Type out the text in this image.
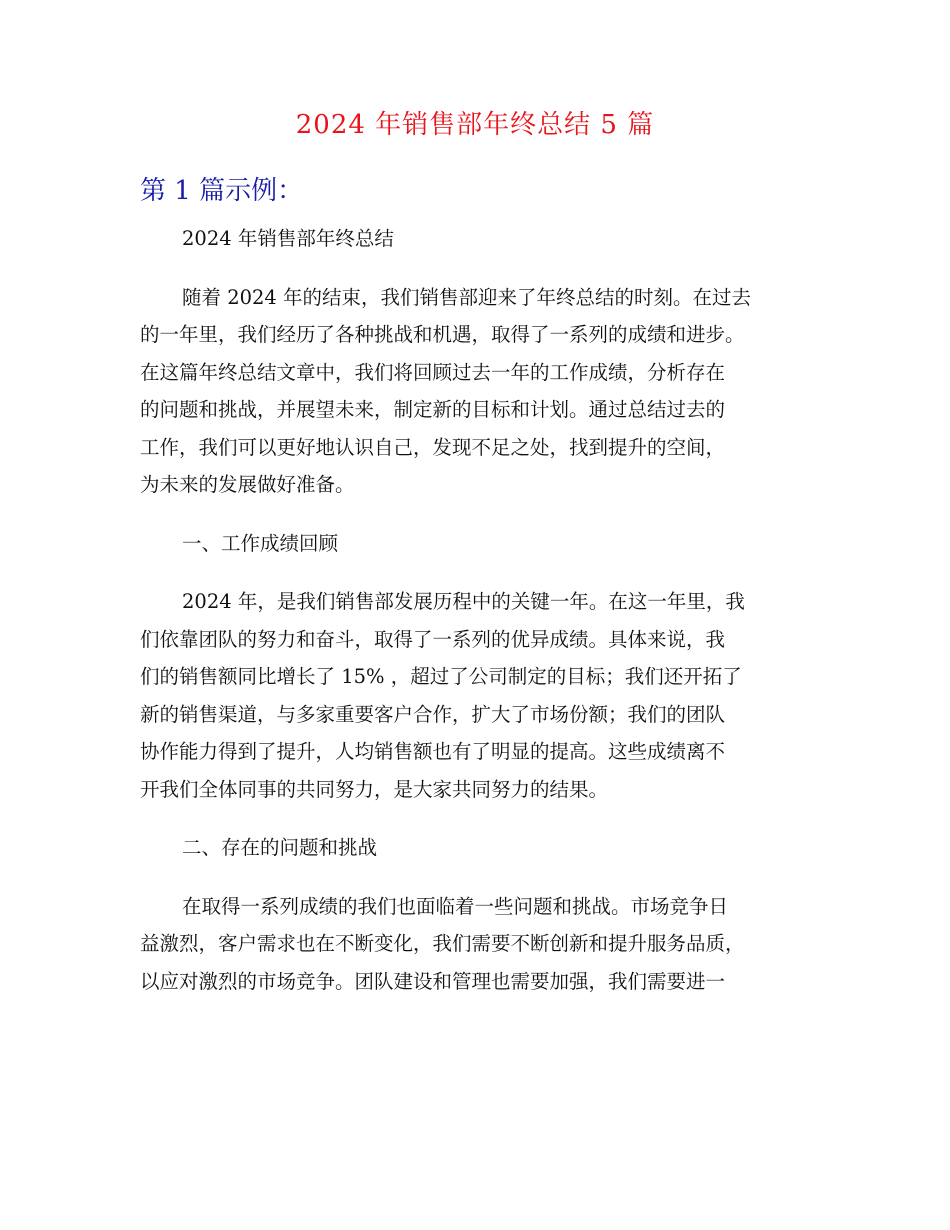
2024 年销售部年终总结 5 篇
第 1 篇示例：
2024 年销售部年终总结
随着 2024 年的结束，我们销售部迎来了年终总结的时刻。在过去
的一年里，我们经历了各种挑战和机遇，取得了一系列的成绩和进步。
在这篇年终总结文章中，我们将回顾过去一年的工作成绩，分析存在
的问题和挑战，并展望未来，制定新的目标和计划。通过总结过去的
工作，我们可以更好地认识自己，发现不足之处，找到提升的空间，
为未来的发展做好准备。
一、工作成绩回顾
2024 年，是我们销售部发展历程中的关键一年。在这一年里，我
们依靠团队的努力和奋斗，取得了一系列的优异成绩。具体来说，我
们的销售额同比增长了 15% ，超过了公司制定的目标；我们还开拓了
新的销售渠道，与多家重要客户合作，扩大了市场份额；我们的团队
协作能力得到了提升，人均销售额也有了明显的提高。这些成绩离不
开我们全体同事的共同努力，是大家共同努力的结果。
二、存在的问题和挑战
在取得一系列成绩的我们也面临着一些问题和挑战。市场竞争日
益激烈，客户需求也在不断变化，我们需要不断创新和提升服务品质，
以应对激烈的市场竞争。团队建设和管理也需要加强，我们需要进一
